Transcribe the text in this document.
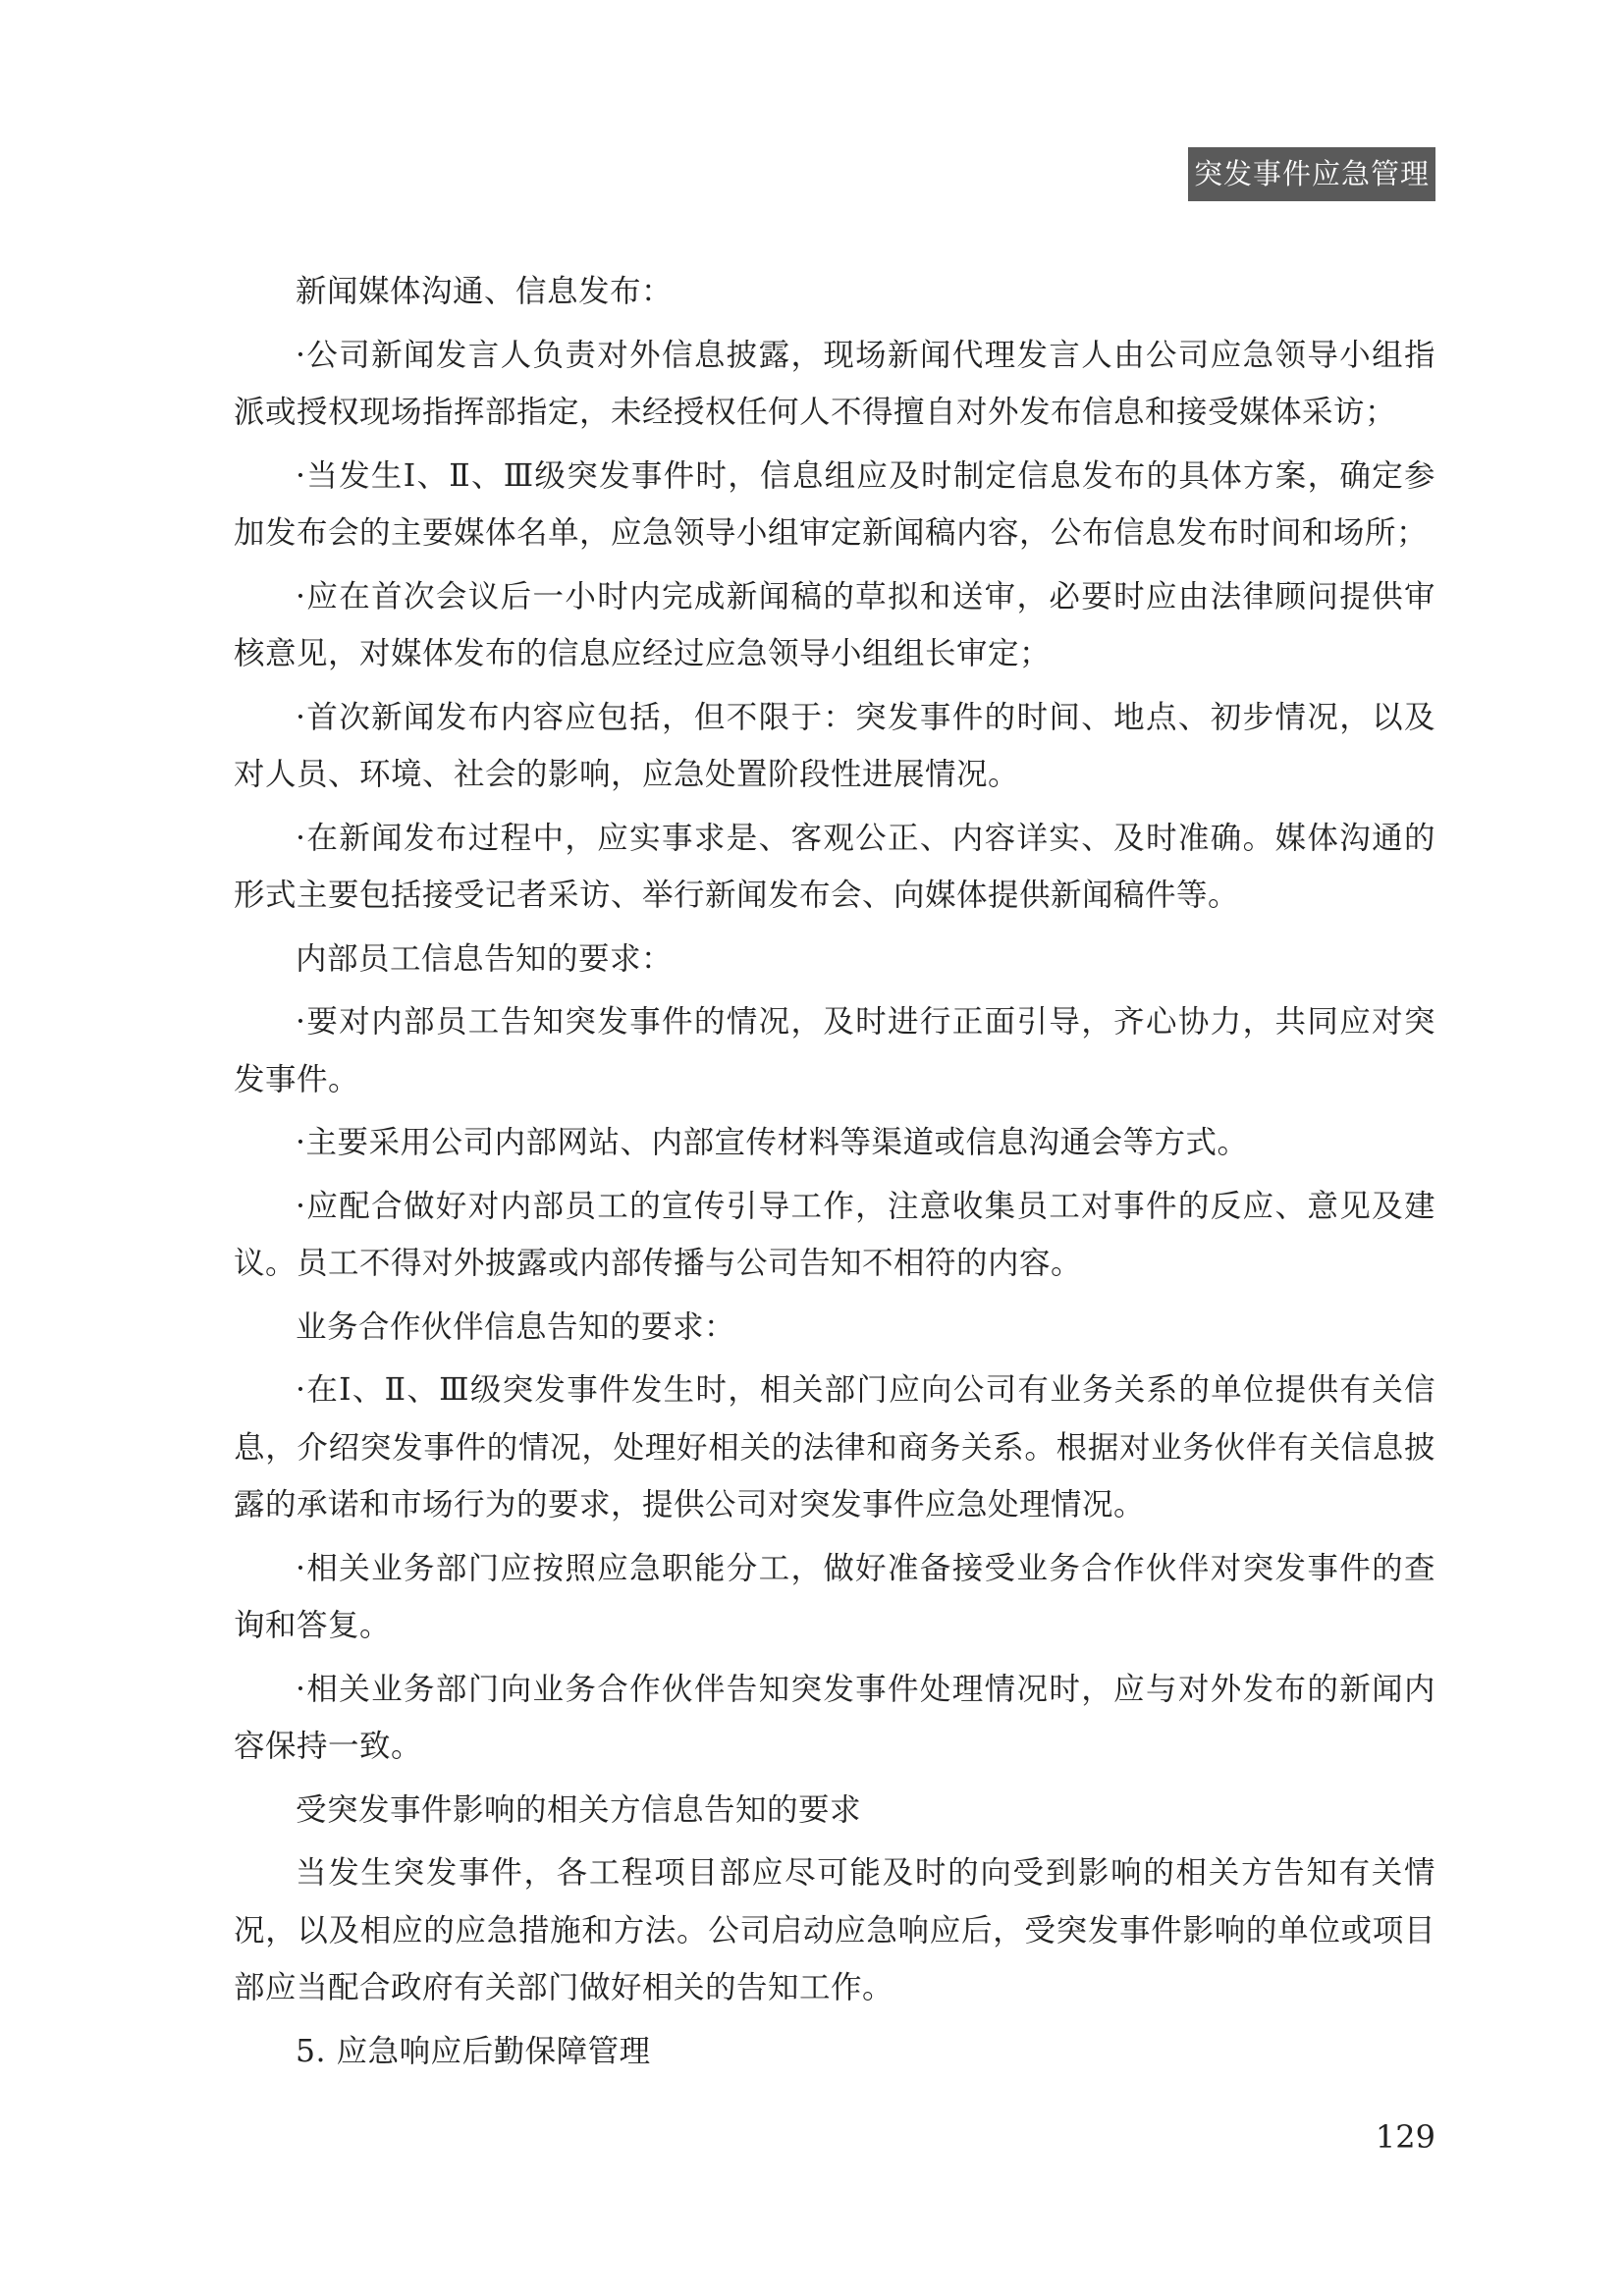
突发事件应急管理

新闻媒体沟通、信息发布：

·公司新闻发言人负责对外信息披露，现场新闻代理发言人由公司应急领导小组指派或授权现场指挥部指定，未经授权任何人不得擅自对外发布信息和接受媒体采访；

·当发生Ⅰ、Ⅱ、Ⅲ级突发事件时，信息组应及时制定信息发布的具体方案，确定参加发布会的主要媒体名单，应急领导小组审定新闻稿内容，公布信息发布时间和场所；

·应在首次会议后一小时内完成新闻稿的草拟和送审，必要时应由法律顾问提供审核意见，对媒体发布的信息应经过应急领导小组组长审定；

·首次新闻发布内容应包括，但不限于：突发事件的时间、地点、初步情况，以及对人员、环境、社会的影响，应急处置阶段性进展情况。

·在新闻发布过程中，应实事求是、客观公正、内容详实、及时准确。媒体沟通的形式主要包括接受记者采访、举行新闻发布会、向媒体提供新闻稿件等。

内部员工信息告知的要求：

·要对内部员工告知突发事件的情况，及时进行正面引导，齐心协力，共同应对突发事件。

·主要采用公司内部网站、内部宣传材料等渠道或信息沟通会等方式。

·应配合做好对内部员工的宣传引导工作，注意收集员工对事件的反应、意见及建议。员工不得对外披露或内部传播与公司告知不相符的内容。

业务合作伙伴信息告知的要求：

·在Ⅰ、Ⅱ、Ⅲ级突发事件发生时，相关部门应向公司有业务关系的单位提供有关信息，介绍突发事件的情况，处理好相关的法律和商务关系。根据对业务伙伴有关信息披露的承诺和市场行为的要求，提供公司对突发事件应急处理情况。

·相关业务部门应按照应急职能分工，做好准备接受业务合作伙伴对突发事件的查询和答复。

·相关业务部门向业务合作伙伴告知突发事件处理情况时，应与对外发布的新闻内容保持一致。

受突发事件影响的相关方信息告知的要求

当发生突发事件，各工程项目部应尽可能及时的向受到影响的相关方告知有关情况，以及相应的应急措施和方法。公司启动应急响应后，受突发事件影响的单位或项目部应当配合政府有关部门做好相关的告知工作。

5. 应急响应后勤保障管理

129
